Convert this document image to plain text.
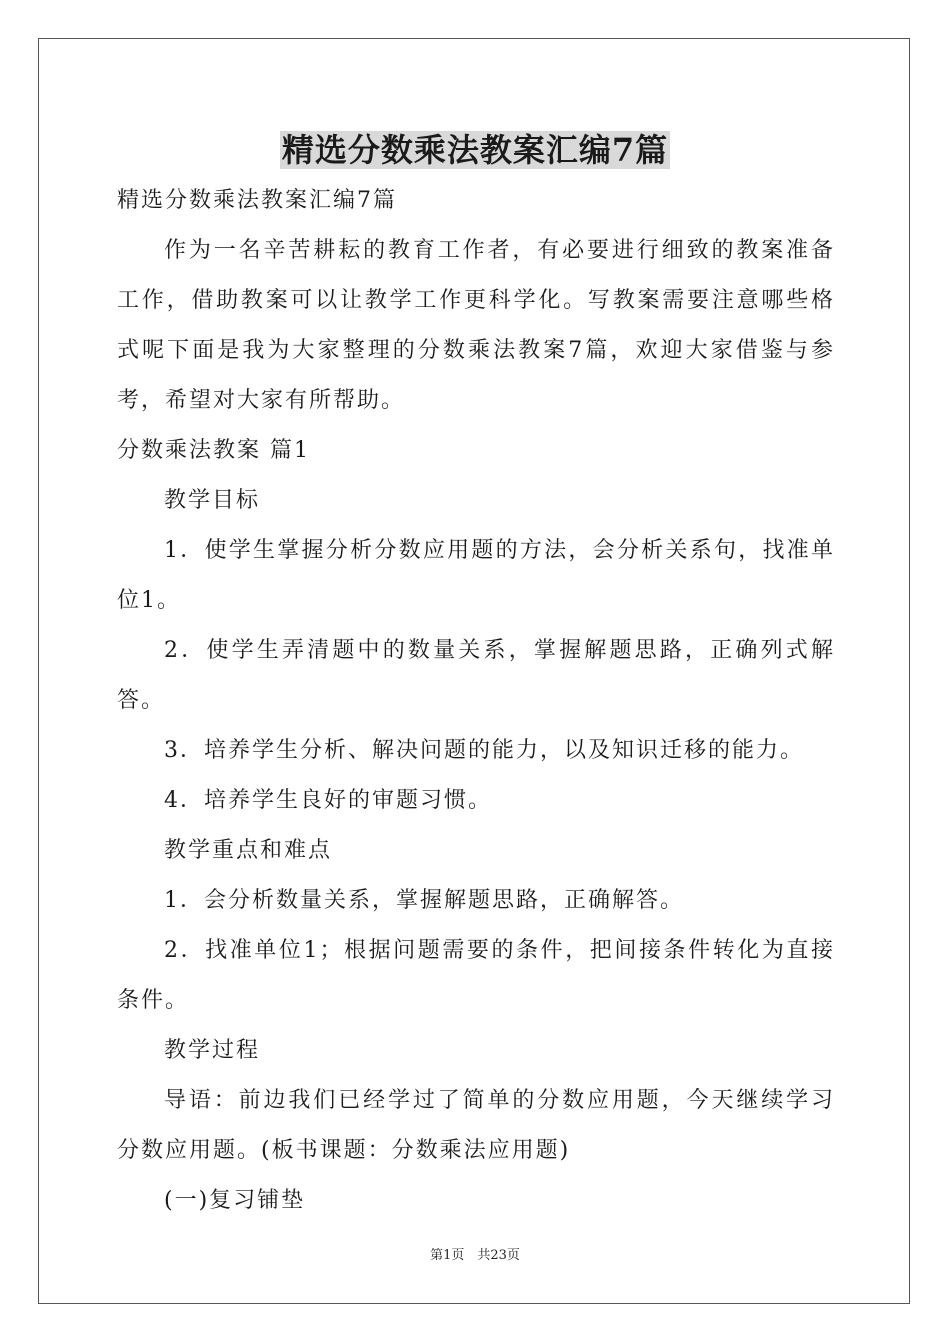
精选分数乘法教案汇编7篇

精选分数乘法教案汇编7篇

作为一名辛苦耕耘的教育工作者，有必要进行细致的教案准备工作，借助教案可以让教学工作更科学化。写教案需要注意哪些格式呢下面是我为大家整理的分数乘法教案7篇，欢迎大家借鉴与参考，希望对大家有所帮助。

分数乘法教案 篇1

教学目标

1．使学生掌握分析分数应用题的方法，会分析关系句，找准单位1。

2．使学生弄清题中的数量关系，掌握解题思路，正确列式解答。

3．培养学生分析、解决问题的能力，以及知识迁移的能力。

4．培养学生良好的审题习惯。

教学重点和难点

1．会分析数量关系，掌握解题思路，正确解答。

2．找准单位1；根据问题需要的条件，把间接条件转化为直接条件。

教学过程

导语：前边我们已经学过了简单的分数应用题，今天继续学习分数应用题。(板书课题：分数乘法应用题)

(一)复习铺垫

第1页　共23页
